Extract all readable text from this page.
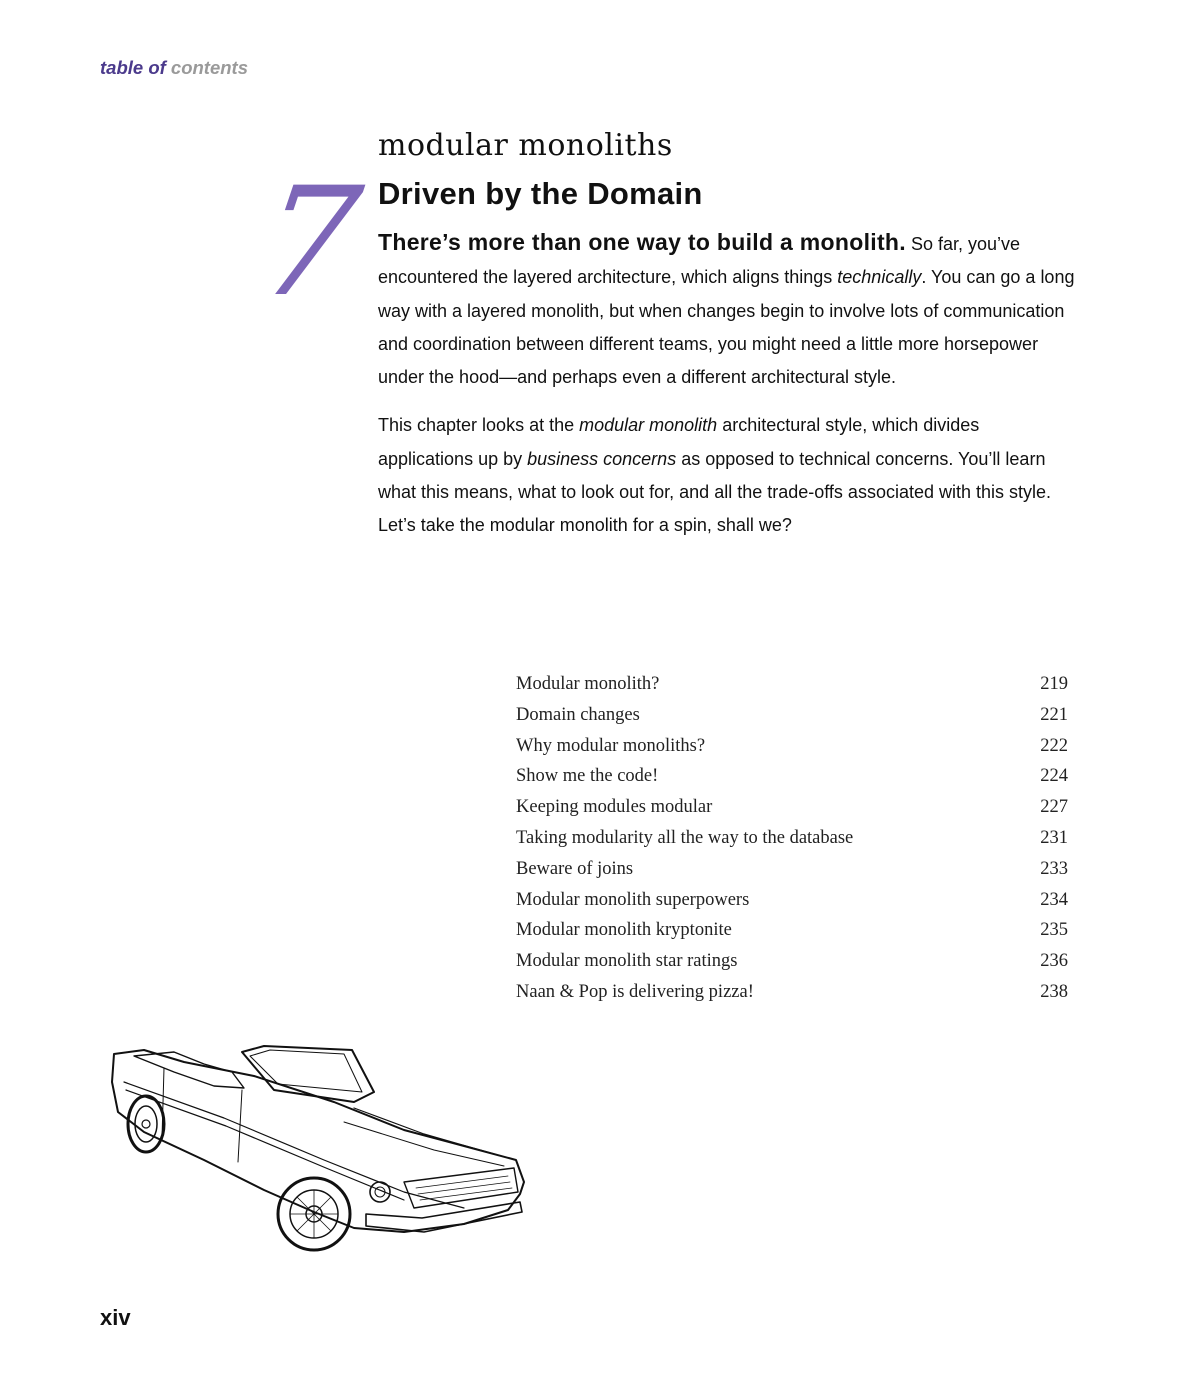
table of contents
7
modular monoliths
Driven by the Domain

There’s more than one way to build a monolith. So far, you’ve encountered the layered architecture, which aligns things technically. You can go a long way with a layered monolith, but when changes begin to involve lots of communication and coordination between different teams, you might need a little more horsepower under the hood—and perhaps even a different architectural style.

This chapter looks at the modular monolith architectural style, which divides applications up by business concerns as opposed to technical concerns. You’ll learn what this means, what to look out for, and all the trade-offs associated with this style. Let’s take the modular monolith for a spin, shall we?

Modular monolith?	219
Domain changes	221
Why modular monoliths?	222
Show me the code!	224
Keeping modules modular	227
Taking modularity all the way to the database	231
Beware of joins	233
Modular monolith superpowers	234
Modular monolith kryptonite	235
Modular monolith star ratings	236
Naan & Pop is delivering pizza!	238
xiv
